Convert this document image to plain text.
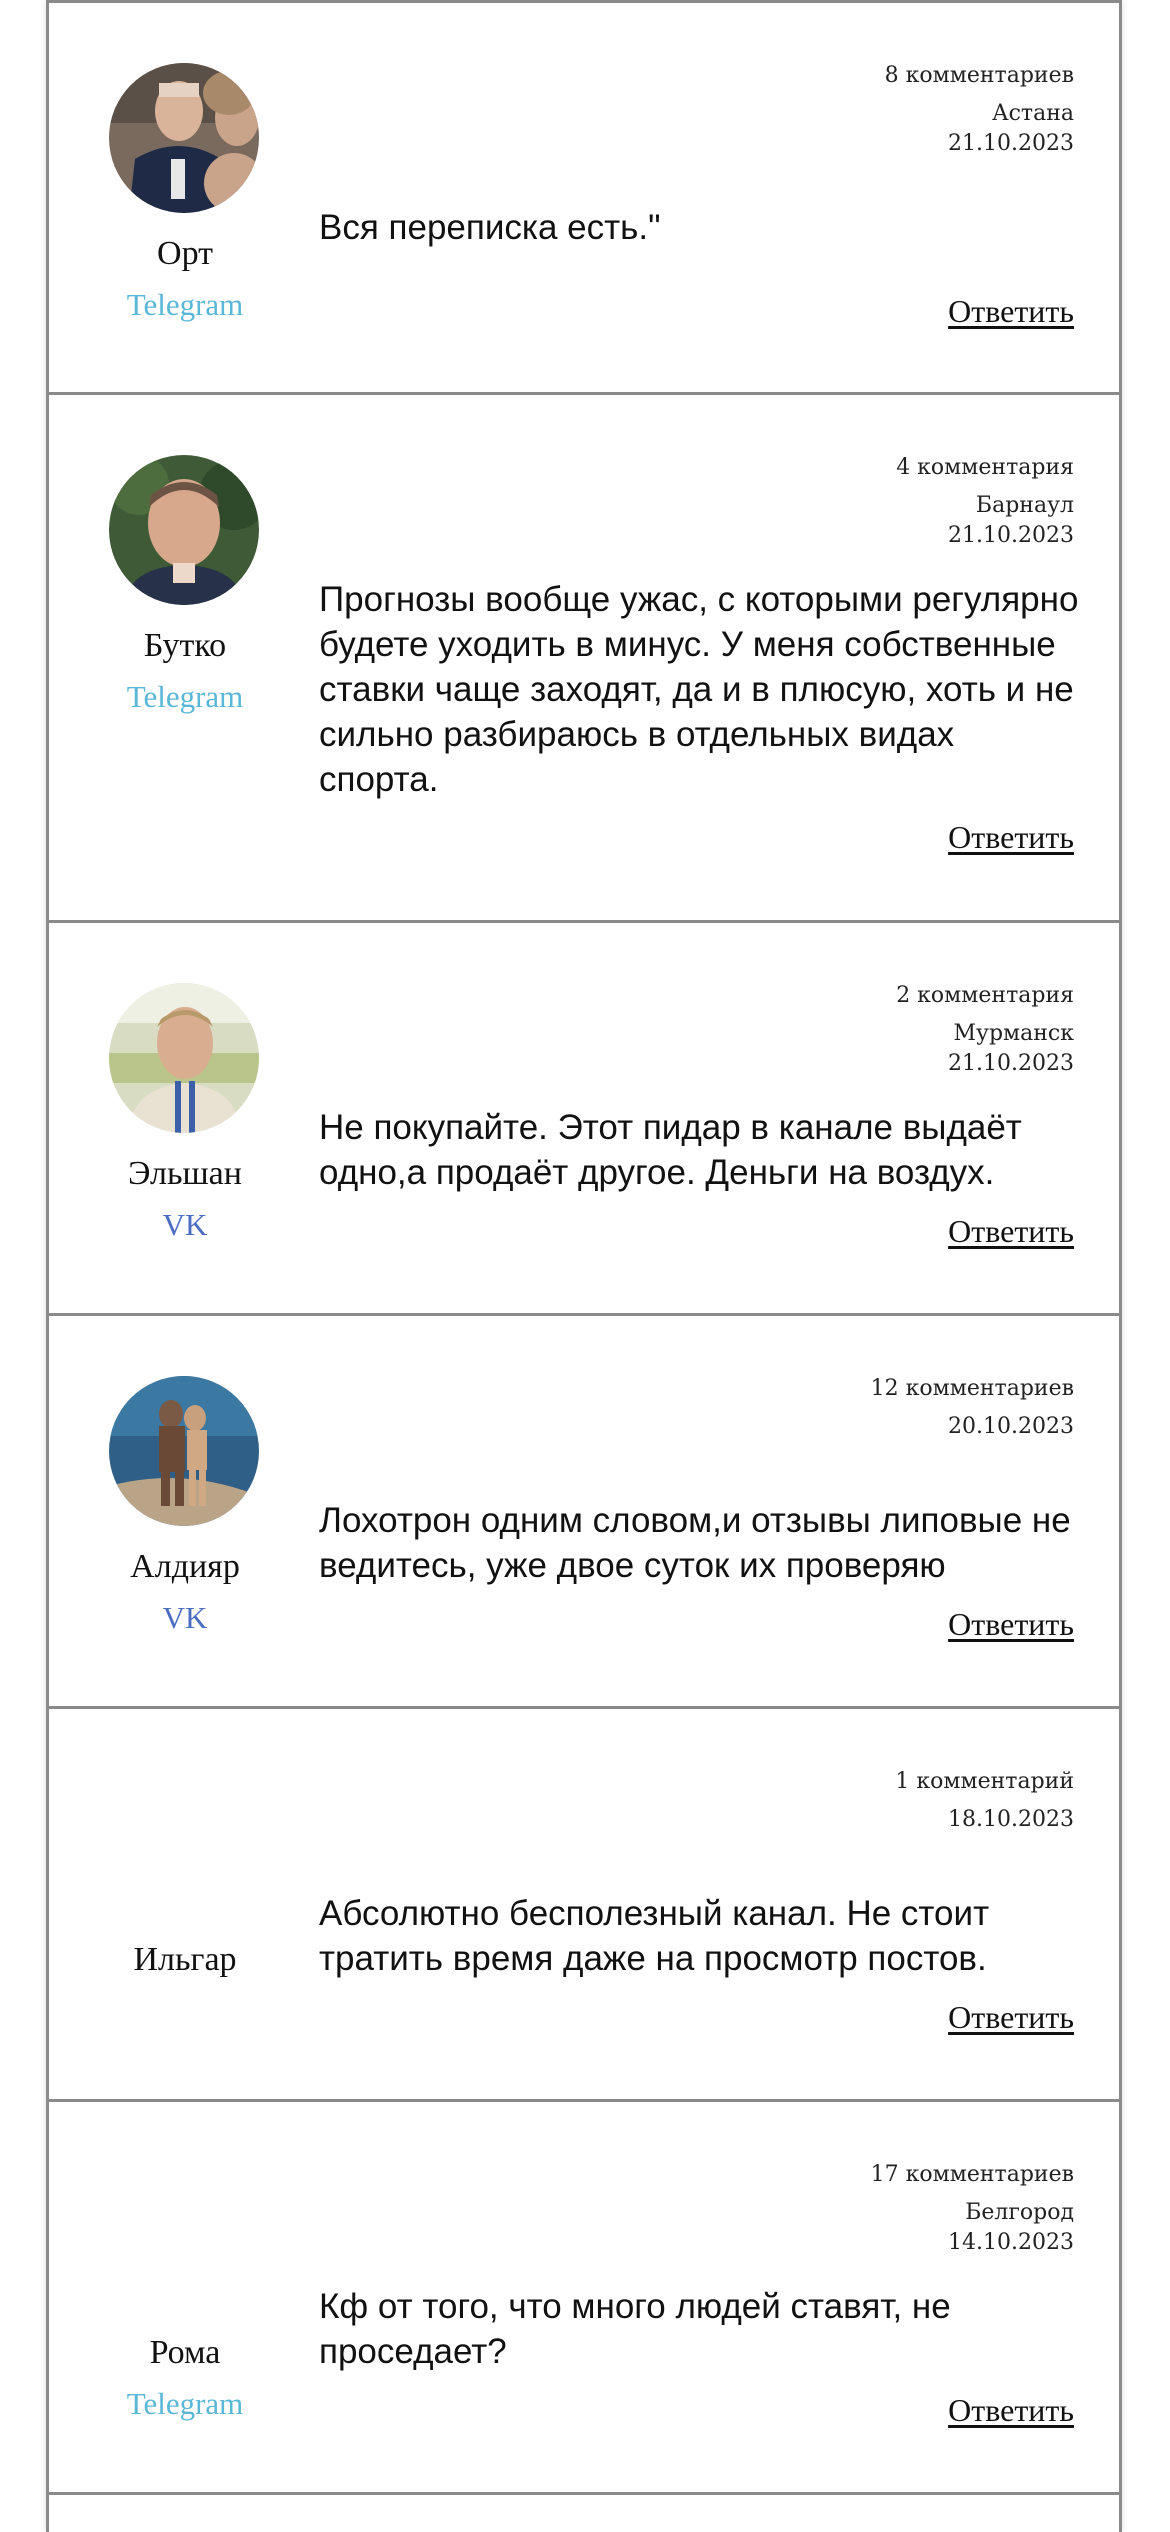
Орт
Telegram
8 комментариев
Астана
21.10.2023
Вся переписка есть."
Ответить
Бутко
Telegram
4 комментария
Барнаул
21.10.2023
Прогнозы вообще ужас, с которыми регулярно будете уходить в минус. У меня собственные ставки чаще заходят, да и в плюсую, хоть и не сильно разбираюсь в отдельных видах спорта.
Ответить
Эльшан
VK
2 комментария
Мурманск
21.10.2023
Не покупайте. Этот пидар в канале выдаёт одно,а продаёт другое. Деньги на воздух.
Ответить
Алдияр
VK
12 комментариев
20.10.2023
Лохотрон одним словом,и отзывы липовые не ведитесь, уже двое суток их проверяю
Ответить
Ильгар
1 комментарий
18.10.2023
Абсолютно бесполезный канал. Не стоит тратить время даже на просмотр постов.
Ответить
Рома
Telegram
17 комментариев
Белгород
14.10.2023
Кф от того, что много людей ставят, не проседает?
Ответить
